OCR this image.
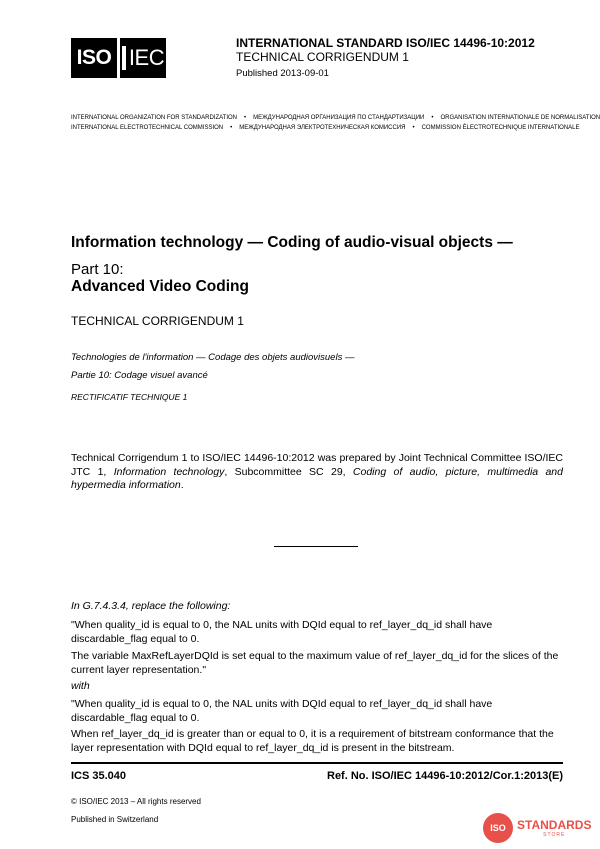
ISO IEC
INTERNATIONAL STANDARD ISO/IEC 14496-10:2012
TECHNICAL CORRIGENDUM 1
Published 2013-09-01
INTERNATIONAL ORGANIZATION FOR STANDARDIZATION • МЕЖДУНАРОДНАЯ ОРГАНИЗАЦИЯ ПО СТАНДАРТИЗАЦИИ • ORGANISATION INTERNATIONALE DE NORMALISATION
INTERNATIONAL ELECTROTECHNICAL COMMISSION • МЕЖДУНАРОДНАЯ ЭЛЕКТРОТЕХНИЧЕСКАЯ КОМИССИЯ • COMMISSION ÉLECTROTECHNIQUE INTERNATIONALE
Information technology — Coding of audio-visual objects —
Part 10:
Advanced Video Coding
TECHNICAL CORRIGENDUM 1
Technologies de l'information — Codage des objets audiovisuels —
Partie 10: Codage visuel avancé
RECTIFICATIF TECHNIQUE 1
Technical Corrigendum 1 to ISO/IEC 14496-10:2012 was prepared by Joint Technical Committee ISO/IEC JTC 1, Information technology, Subcommittee SC 29, Coding of audio, picture, multimedia and hypermedia information.
In G.7.4.3.4, replace the following:
"When quality_id is equal to 0, the NAL units with DQId equal to ref_layer_dq_id shall have discardable_flag equal to 0.
The variable MaxRefLayerDQId is set equal to the maximum value of ref_layer_dq_id for the slices of the current layer representation."
with
"When quality_id is equal to 0, the NAL units with DQId equal to ref_layer_dq_id shall have discardable_flag equal to 0.
When ref_layer_dq_id is greater than or equal to 0, it is a requirement of bitstream conformance that the layer representation with DQId equal to ref_layer_dq_id is present in the bitstream.
ICS 35.040	Ref. No. ISO/IEC 14496-10:2012/Cor.1:2013(E)
© ISO/IEC 2013 – All rights reserved
Published in Switzerland
ISO STANDARDS
STORE
